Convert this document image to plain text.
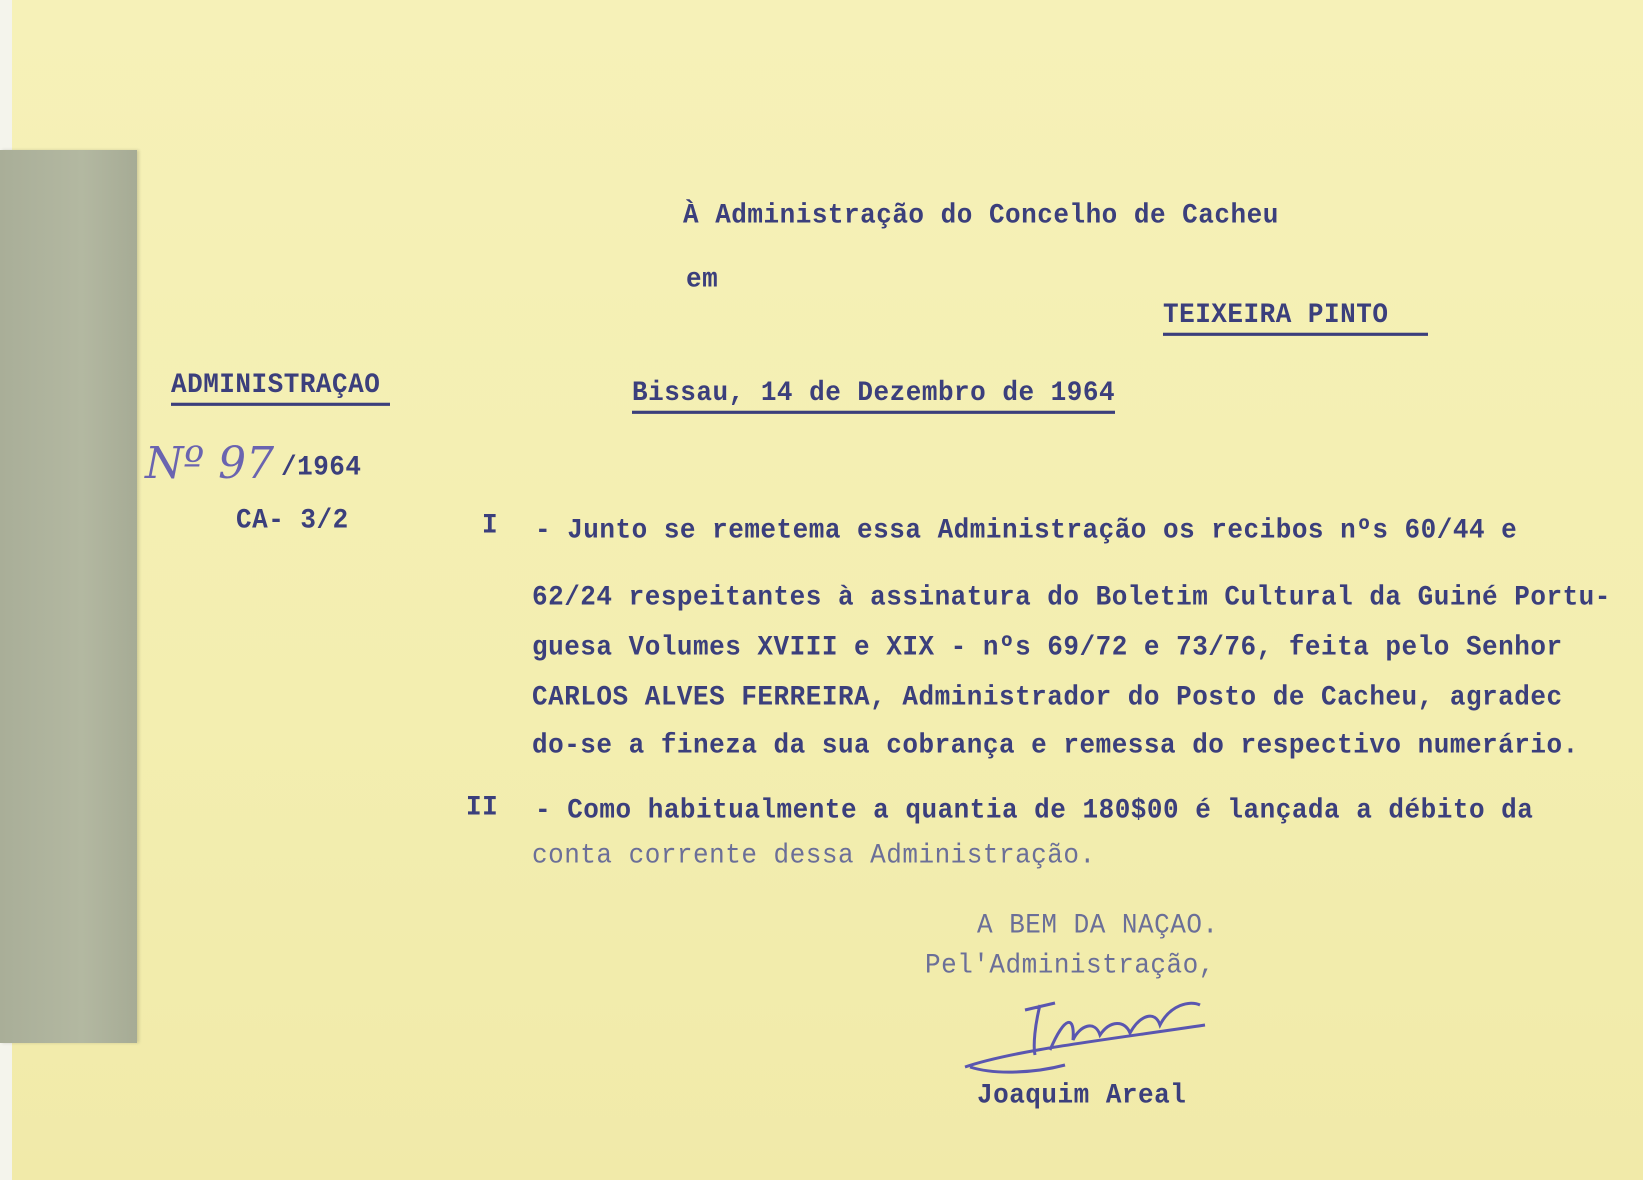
À Administração do Concelho de Cacheu
em
TEIXEIRA PINTO
ADMINISTRAÇAO	Bissau, 14 de Dezembro de 1964
Nº 97 /1964
CA- 3/2	I - Junto se remetema essa Administração os recibos nºs 60/44 e
62/24 respeitantes à assinatura do Boletim Cultural da Guiné Portu-
guesa Volumes XVIII e XIX - nºs 69/72 e 73/76, feita pelo Senhor
CARLOS ALVES FERREIRA, Administrador do Posto de Cacheu, agradec
do-se a fineza da sua cobrança e remessa do respectivo numerário.
II - Como habitualmente a quantia de 180$00 é lançada a débito da
conta corrente dessa Administração.
A BEM DA NAÇAO.
Pel'Administração,
Joaquim Areal
